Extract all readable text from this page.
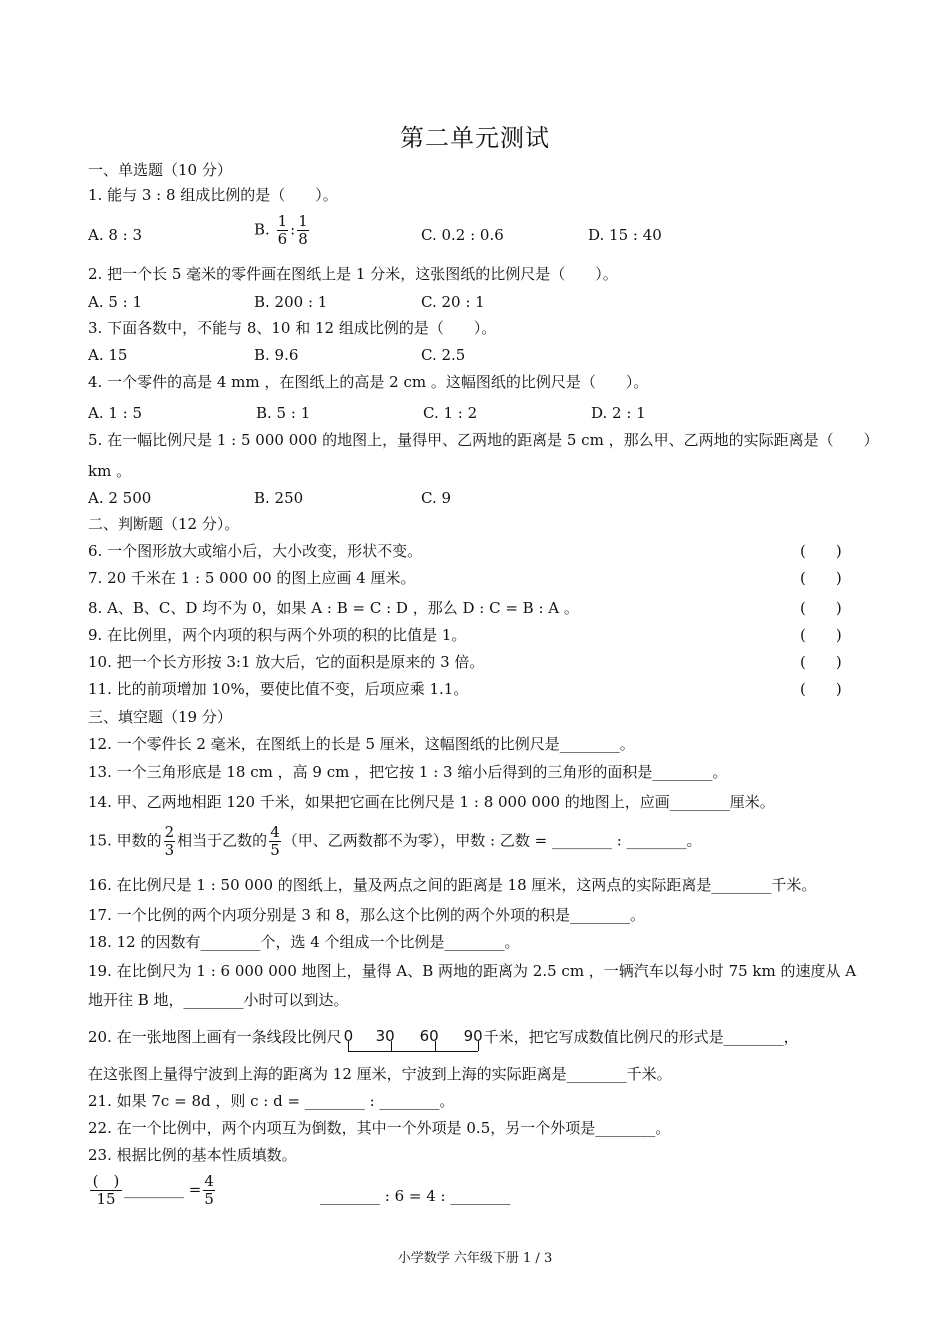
第二单元测试
一、单选题（10 分）
1. 能与 3 : 8 组成比例的是（　　）。
A. 8 : 3	B. $\frac{1}{6}$ : $\frac{1}{8}$	C. 0.2 : 0.6	D. 15 : 40
2. 把一个长 5 毫米的零件画在图纸上是 1 分米，这张图纸的比例尺是（　　）。
A. 5 : 1	B. 200 : 1	C. 20 : 1
3. 下面各数中，不能与 8、10 和 12 组成比例的是（　　）。
A. 15	B. 9.6	C. 2.5
4. 一个零件的高是 4 mm ，在图纸上的高是 2 cm 。这幅图纸的比例尺是（　　）。
A. 1 : 5	B. 5 : 1	C. 1 : 2	D. 2 : 1
5. 在一幅比例尺是 1 : 5 000 000 的地图上，量得甲、乙两地的距离是 5 cm ，那么甲、乙两地的实际距离是（　　）
km 。
A. 2 500	B. 250	C. 9
二、判断题（12 分）。
6. 一个图形放大或缩小后，大小改变，形状不变。	(　　)
7. 20 千米在 1 : 5 000 00 的图上应画 4 厘米。	(　　)
8. A、B、C、D 均不为 0，如果 A : B = C : D ，那么 D : C = B : A 。	(　　)
9. 在比例里，两个内项的积与两个外项的积的比值是 1。	(　　)
10. 把一个长方形按 3:1 放大后，它的面积是原来的 3 倍。	(　　)
11. 比的前项增加 10%，要使比值不变，后项应乘 1.1。	(　　)
三、填空题（19 分）
12. 一个零件长 2 毫米，在图纸上的长是 5 厘米，这幅图纸的比例尺是________。
13. 一个三角形底是 18 cm ，高 9 cm ，把它按 1 : 3 缩小后得到的三角形的面积是________。
14. 甲、乙两地相距 120 千米，如果把它画在比例尺是 1 : 8 000 000 的地图上，应画________厘米。
15. 甲数的 $\frac{2}{3}$ 相当于乙数的 $\frac{4}{5}$ （甲、乙两数都不为零），甲数 : 乙数 = ________ : ________。
16. 在比例尺是 1 : 50 000 的图纸上，量及两点之间的距离是 18 厘米，这两点的实际距离是________千米。
17. 一个比例的两个内项分别是 3 和 8，那么这个比例的两个外项的积是________。
18. 12 的因数有________个，选 4 个组成一个比例是________。
19. 在比倒尺为 1 : 6 000 000 地图上，量得 A、B 两地的距离为 2.5 cm ，一辆汽车以每小时 75 km 的速度从 A
地开往 B 地，________小时可以到达。
20. 在一张地图上画有一条线段比例尺 0 30 60 90 千米，把它写成数值比例尺的形式是________，
在这张图上量得宁波到上海的距离为 12 厘米，宁波到上海的实际距离是________千米。
21. 如果 7c = 8d ，则 c : d = ________ : ________。
22. 在一个比例中，两个内项互为倒数，其中一个外项是 0.5，另一个外项是________。
23. 根据比例的基本性质填数。
$\frac{( )}{15}$ ________ = $\frac{4}{5}$	________ : 6 = 4 : ________
小学数学 六年级下册 1 / 3
